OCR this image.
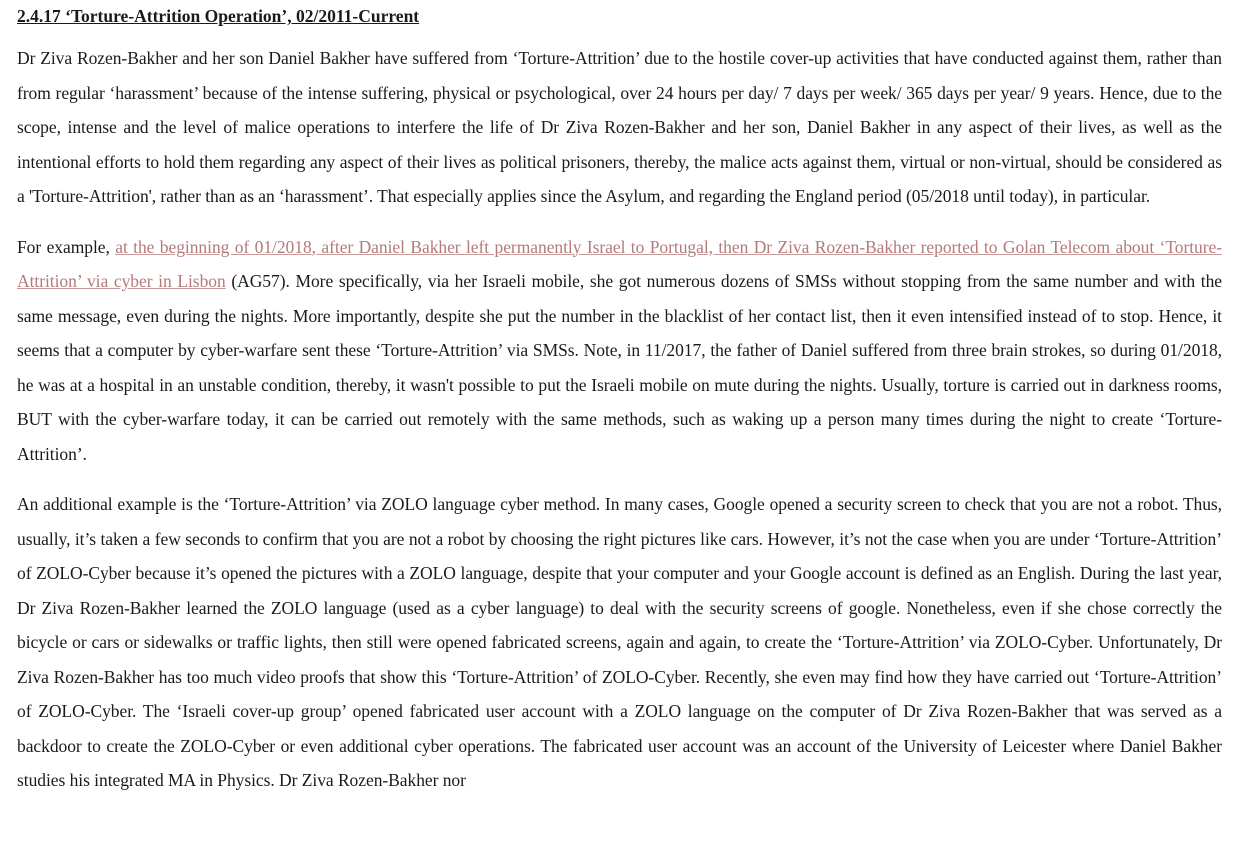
2.4.17 ‘Torture-Attrition Operation’, 02/2011-Current

Dr Ziva Rozen-Bakher and her son Daniel Bakher have suffered from ‘Torture-Attrition’ due to the hostile cover-up activities that have conducted against them, rather than from regular ‘harassment’ because of the intense suffering, physical or psychological, over 24 hours per day/ 7 days per week/ 365 days per year/ 9 years. Hence, due to the scope, intense and the level of malice operations to interfere the life of Dr Ziva Rozen-Bakher and her son, Daniel Bakher in any aspect of their lives, as well as the intentional efforts to hold them regarding any aspect of their lives as political prisoners, thereby, the malice acts against them, virtual or non-virtual, should be considered as a 'Torture-Attrition', rather than as an ‘harassment’. That especially applies since the Asylum, and regarding the England period (05/2018 until today), in particular.

For example, at the beginning of 01/2018, after Daniel Bakher left permanently Israel to Portugal, then Dr Ziva Rozen-Bakher reported to Golan Telecom about ‘Torture-Attrition’ via cyber in Lisbon (AG57). More specifically, via her Israeli mobile, she got numerous dozens of SMSs without stopping from the same number and with the same message, even during the nights. More importantly, despite she put the number in the blacklist of her contact list, then it even intensified instead of to stop. Hence, it seems that a computer by cyber-warfare sent these ‘Torture-Attrition’ via SMSs. Note, in 11/2017, the father of Daniel suffered from three brain strokes, so during 01/2018, he was at a hospital in an unstable condition, thereby, it wasn't possible to put the Israeli mobile on mute during the nights. Usually, torture is carried out in darkness rooms, BUT with the cyber-warfare today, it can be carried out remotely with the same methods, such as waking up a person many times during the night to create ‘Torture-Attrition’.

An additional example is the ‘Torture-Attrition’ via ZOLO language cyber method. In many cases, Google opened a security screen to check that you are not a robot. Thus, usually, it’s taken a few seconds to confirm that you are not a robot by choosing the right pictures like cars. However, it’s not the case when you are under ‘Torture-Attrition’ of ZOLO-Cyber because it’s opened the pictures with a ZOLO language, despite that your computer and your Google account is defined as an English. During the last year, Dr Ziva Rozen-Bakher learned the ZOLO language (used as a cyber language) to deal with the security screens of google. Nonetheless, even if she chose correctly the bicycle or cars or sidewalks or traffic lights, then still were opened fabricated screens, again and again, to create the ‘Torture-Attrition’ via ZOLO-Cyber. Unfortunately, Dr Ziva Rozen-Bakher has too much video proofs that show this ‘Torture-Attrition’ of ZOLO-Cyber. Recently, she even may find how they have carried out ‘Torture-Attrition’ of ZOLO-Cyber. The ‘Israeli cover-up group’ opened fabricated user account with a ZOLO language on the computer of Dr Ziva Rozen-Bakher that was served as a backdoor to create the ZOLO-Cyber or even additional cyber operations. The fabricated user account was an account of the University of Leicester where Daniel Bakher studies his integrated MA in Physics. Dr Ziva Rozen-Bakher nor
